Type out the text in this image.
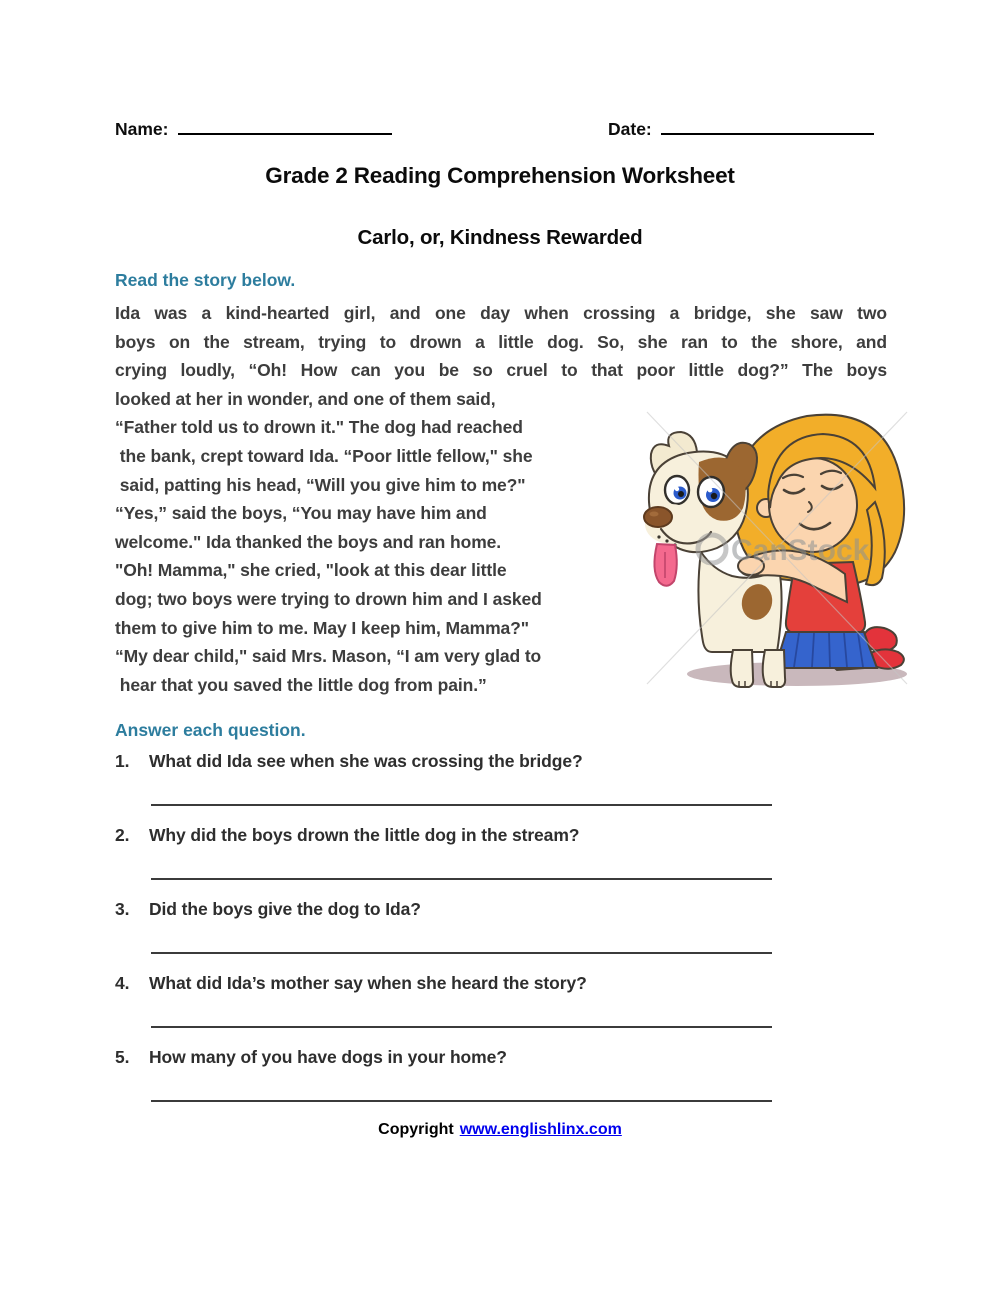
Name:	Date:
Grade 2 Reading Comprehension Worksheet
Carlo, or, Kindness Rewarded
Read the story below.
Ida was a kind-hearted girl, and one day when crossing a bridge, she saw two
boys on the stream, trying to drown a little dog. So, she ran to the shore, and
crying loudly, “Oh! How can you be so cruel to that poor little dog?” The boys
looked at her in wonder, and one of them said,
“Father told us to drown it." The dog had reached
the bank, crept toward Ida. “Poor little fellow," she
said, patting his head, “Will you give him to me?"
“Yes,” said the boys, “You may have him and
welcome." Ida thanked the boys and ran home.
"Oh! Mamma," she cried, "look at this dear little
dog; two boys were trying to drown him and I asked
them to give him to me. May I keep him, Mamma?"
“My dear child," said Mrs. Mason, “I am very glad to
hear that you saved the little dog from pain.”
CanStock
Answer each question.
1.	What did Ida see when she was crossing the bridge?
2.	Why did the boys drown the little dog in the stream?
3.	Did the boys give the dog to Ida?
4.	What did Ida’s mother say when she heard the story?
5.	How many of you have dogs in your home?
Copyright www.englishlinx.com
